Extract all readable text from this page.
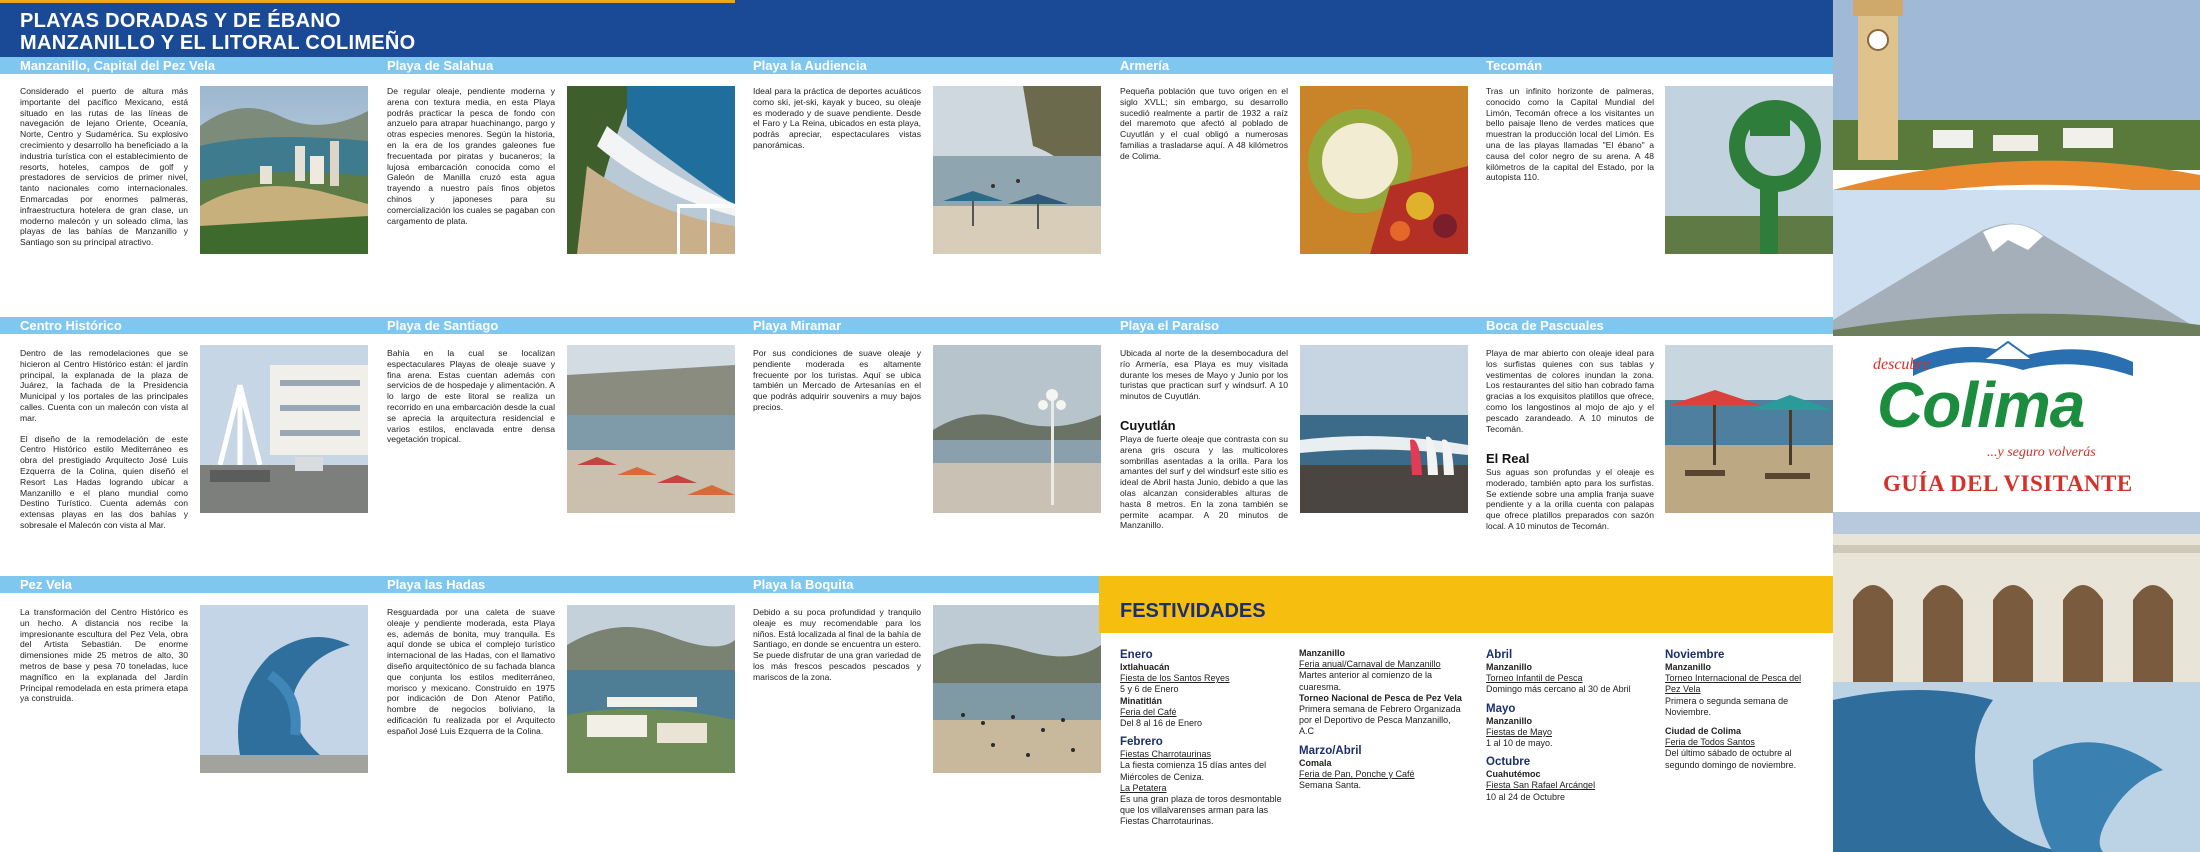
PLAYAS DORADAS Y DE ÉBANO
MANZANILLO Y EL LITORAL COLIMEÑO
Manzanillo, Capital del Pez Vela

Considerado el puerto de altura más importante del pacífico Mexicano, está situado en las rutas de las líneas de navegación de lejano Oriente, Oceanía, Norte, Centro y Sudamérica. Su explosivo crecimiento y desarrollo ha beneficiado a la industria turística con el establecimiento de resorts, hoteles, campos de golf y prestadores de servicios de primer nivel, tanto nacionales como internacionales. Enmarcadas por enormes palmeras, infraestructura hotelera de gran clase, un moderno malecón y un soleado clima, las playas de las bahías de Manzanillo y Santiago son su principal atractivo.

Playa de Salahua

De regular oleaje, pendiente moderna y arena con textura media, en esta Playa podrás practicar la pesca de fondo con anzuelo para atrapar huachinango, pargo y otras especies menores. Según la historia, en la era de los grandes galeones fue frecuentada por piratas y bucaneros; la lujosa embarcación conocida como el Galeón de Manilla cruzó esta agua trayendo a nuestro país finos objetos chinos y japoneses para su comercialización los cuales se pagaban con cargamento de plata.

Playa la Audiencia

Ideal para la práctica de deportes acuáticos como ski, jet-ski, kayak y buceo, su oleaje es moderado y de suave pendiente. Desde el Faro y La Reina, ubicados en esta playa, podrás apreciar, espectaculares vistas panorámicas.

Armería

Pequeña población que tuvo origen en el siglo XVLL; sin embargo, su desarrollo sucedió realmente a partir de 1932 a raíz del maremoto que afectó al poblado de Cuyutlán y el cual obligó a numerosas familias a trasladarse aquí. A 48 kilómetros de Colima.

Tecomán

Tras un infinito horizonte de palmeras, conocido como la Capital Mundial del Limón, Tecomán ofrece a los visitantes un bello paisaje lleno de verdes matices que muestran la producción local del Limón. Es una de las playas llamadas "El ébano" a causa del color negro de su arena. A 48 kilómetros de la capital del Estado, por la autopista 110.

Centro Histórico

Dentro de las remodelaciones que se hicieron al Centro Histórico están: el jardín principal, la explanada de la plaza de Juárez, la fachada de la Presidencia Municipal y los portales de las principales calles. Cuenta con un malecón con vista al mar.

El diseño de la remodelación de este Centro Histórico estilo Mediterráneo es obra del prestigiado Arquitecto José Luis Ezquerra de la Colina, quien diseñó el Resort Las Hadas logrando ubicar a Manzanillo e el plano mundial como Destino Turístico. Cuenta además con extensas playas en las dos bahías y sobresale el Malecón con vista al Mar.

Playa de Santiago

Bahía en la cual se localizan espectaculares Playas de oleaje suave y fina arena. Estas cuentan además con servicios de de hospedaje y alimentación. A lo largo de este litoral se realiza un recorrido en una embarcación desde la cual se aprecia la arquitectura residencial e varios estilos, enclavada entre densa vegetación tropical.

Playa Miramar

Por sus condiciones de suave oleaje y pendiente moderada es altamente frecuente por los turistas. Aquí se ubica también un Mercado de Artesanías en el que podrás adquirir souvenirs a muy bajos precios.

Playa el Paraíso

Ubicada al norte de la desembocadura del río Armería, esa Playa es muy visitada durante los meses de Mayo y Junio por los turistas que practican surf y windsurf. A 10 minutos de Cuyutlán.

Cuyutlán

Playa de fuerte oleaje que contrasta con su arena gris oscura y las multicolores sombrillas asentadas a la orilla. Para los amantes del surf y del windsurf este sitio es ideal de Abril hasta Junio, debido a que las olas alcanzan considerables alturas de hasta 8 metros. En la zona también se permite acampar. A 20 minutos de Manzanillo.

Boca de Pascuales

Playa de mar abierto con oleaje ideal para los surfistas quienes con sus tablas y vestimentas de colores inundan la zona. Los restaurantes del sitio han cobrado fama gracias a los exquisitos platillos que ofrece, como los langostinos al mojo de ajo y el pescado zarandeado. A 10 minutos de Tecomán.

El Real

Sus aguas son profundas y el oleaje es moderado, también apto para los surfistas. Se extiende sobre una amplia franja suave pendiente y a la orilla cuenta con palapas que ofrece platillos preparados con sazón local. A 10 minutos de Tecomán.

Pez Vela

La transformación del Centro Histórico es un hecho. A distancia nos recibe la impresionante escultura del Pez Vela, obra del Artista Sebastián. De enorme dimensiones mide 25 metros de alto, 30 metros de base y pesa 70 toneladas, luce magnífico en la explanada del Jardín Principal remodelada en esta primera etapa ya construida.

Playa las Hadas

Resguardada por una caleta de suave oleaje y pendiente moderada, esta Playa es, además de bonita, muy tranquila. Es aquí donde se ubica el complejo turístico internacional de las Hadas, con el llamativo diseño arquitectónico de su fachada blanca que conjunta los estilos mediterráneo, morisco y mexicano. Construido en 1975 por indicación de Don Atenor Patiño, hombre de negocios boliviano, la edificación fu realizada por el Arquitecto español José Luis Ezquerra de la Colina.

Playa la Boquita

Debido a su poca profundidad y tranquilo oleaje es muy recomendable para los niños. Está localizada al final de la bahía de Santiago, en donde se encuentra un estero. Se puede disfrutar de una gran variedad de los más frescos pescados pescados y mariscos de la zona.

FESTIVIDADES
Enero
Ixtlahuacán
Fiesta de los Santos Reyes
5 y 6 de Enero
Minatitlán
Feria del Café
Del 8 al 16 de Enero
Febrero
Fiestas Charrotaurinas
La fiesta comienza 15 días antes del Miércoles de Ceniza.
La Petatera
Es una gran plaza de toros desmontable que los villalvarenses arman para las Fiestas Charrotaurinas.
Manzanillo
Feria anual/Carnaval de Manzanillo
Martes anterior al comienzo de la cuaresma.
Torneo Nacional de Pesca de Pez Vela
Primera semana de Febrero Organizada por el Deportivo de Pesca Manzanillo, A.C
Marzo/Abril
Comala
Feria de Pan, Ponche y Café
Semana Santa.
Abril
Manzanillo
Torneo Infantil de Pesca
Domingo más cercano al 30 de Abril
Mayo
Manzanillo
Fiestas de Mayo
1 al 10 de mayo.
Octubre
Cuahutémoc
Fiesta San Rafael Arcángel
10 al 24 de Octubre
Noviembre
Manzanillo
Torneo Internacional de Pesca del Pez Vela
Primera o segunda semana de Noviembre.
Ciudad de Colima
Feria de Todos Santos
Del último sábado de octubre al segundo domingo de noviembre.
descubre
Colima
...y seguro volverás
GUÍA DEL VISITANTE
